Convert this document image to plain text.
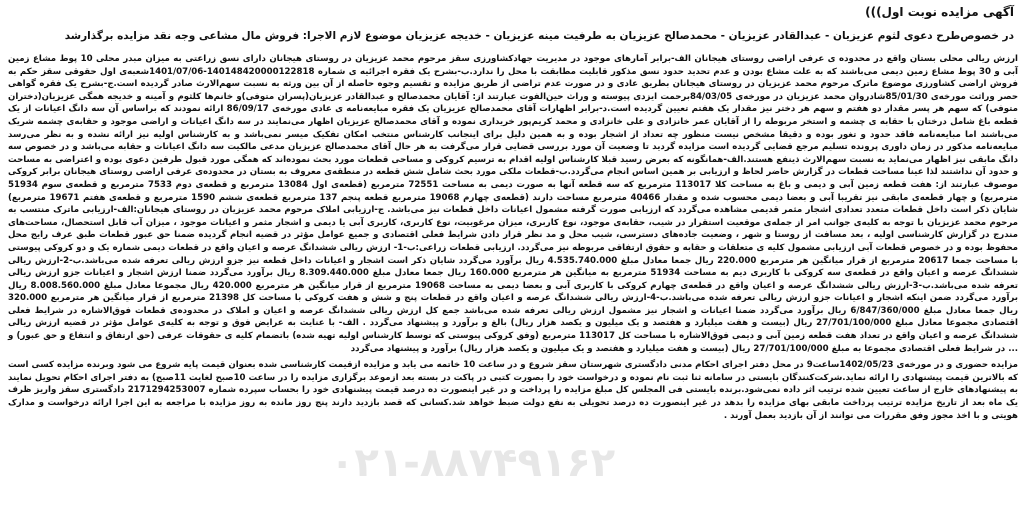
آگهی مزایده نوبت اول)))
در خصوص‌طرح دعوی لثوم عزیزیان - عبدالقادر عزیزیان - محمدصالح عزیزیان به طرفیت مینه عزیزیان - خدیجه عزیزیان موضوع لازم الاجرا: فروش مال مشاعی وجه نقد مزایده برگذارشد

ارزش ریالی محلی بستان واقع در محدوده ی عرفی اراضی روستای هیجانان الف-برابر آمارهای موجود در مدیریت جهادکشاورزی سقز مرحوم محمد عزیزیان در روستای هیجانان دارای نسق زراعتی به میزان مبدر محلی 10 پوط مشاع زمین آبی و 30 پوط مشاع زمین دیمی می‌باشند که به علت مشاع بودن و عدم تحدید حدود نسق مذکور قابلیت مطابقت با محل را ندارد.ب-بشرح یک فقره اجرائیه ی شماره 140148420000122818-1401/07/06شعبه‌ی اول حقوقی سقز حکم به فروش اراضی کشاورزی موضوع ماترک مرحوم محمد عزیزیان در روستای هیجانان بطریق عادی و در صورت عدم تراضی از طریق مزایده و تقسیم وجوه حاصله از آن بین ورثه به نسبت سهم‌الارث صادر گردیده است.ج-بشرح یک فقره گواهی حصر وراثت مورخه‌ی 85/01/30شادروان محمد عزیزیان در مورخه‌ی 84/03/05برحمت ایزدی پیوسته و وراث حین‌الفوت عبارتند از: آقایان محمدصالح و عبدالقادر عزیزیان(پسران متوفی)و خانم‌ها کلثوم و آمینه و خدیجه همگی عزیزیان(دختران متوفی) که سهم هر پسر مقدار دو هفتم و سهم هر دختر نیز مقدار یک هفتم تعیین گردیده است.د-برابر اظهارات آقای محمدصالح عزیزیان یک فقره مبایعه‌نامه ی عادی مورخه‌ی 86/09/17 ارائه نمودند که براساس آن سه دانگ اعیانات از یک قطعه باغ شامل درختان با حقابه ی چشمه و استخر مربوطه را از آقایان عمر خانزادی و علی خانزادی و محمد کریم‌پور خریداری نموده و آقای محمدصالح عزیزیان اظهار می‌نمایند در سه دانگ اعیانات و اراضی موجود و حقابه‌ی چشمه شریک می‌باشند اما مبایعه‌نامه فاقد حدود و تغور بوده و دقیقا مشخص نیست منظور چه تعداد از اشجار بوده و به همین دلیل برای اینجانب کارشناس منتخب امکان تفکیک میسر نمی‌باشد و به کارشناس اولیه نیز ارائه نشده و به نظر می‌رسد مبایعه‌نامه مذکور در زمان داوری پرونده تسلیم مرجع قضایی گردیده است مزایده گردید تا وضعیت آن مورد بررسی قضایی قرار می‌گرفت به هر حال آقای محمدصالح عزیزیان مدعی مالکیت سه دانگ اعیانات و حقابه می‌باشد و در خصوص سه دانگ مابقی نیز اظهار می‌نماید به نسبت سهم‌الارث ذینفع هستند.الف-همانگونه که بعرض رسید قبلا کارشناس اولیه اقدام به ترسیم کروکی و مساحی قطعات مورد بحث نموده‌اند که همگی مورد قبول طرفین دعوی بوده و اعتراضی به مساحت و حدود آن نداشتند لذا عینا مساحت قطعات در گزارش حاضر لحاظ و ارزیابی بر همین اساس انجام می‌گردد.ب-قطعات ملکی مورد بحث شامل شش قطعه در منطقه‌ی معروف به بستان در محدوده‌ی عرفی اراضی روستای هیجانان برابر کروکی موصوف عبارتند از: هفت قطعه زمین آبی و دیمی و باغ به مساحت کلا 113017 مترمربع که سه قطعه آنها به صورت دیمی به مساحت 72551 مترمربع (قطعه‌ی اول 13084 مترمربع و قطعه‌ی دوم 7533 مترمربع و قطعه‌ی سوم 51934 مترمربع) و چهار قطعه‌ی مابقی نیز تقریبا آبی و بعضا دیمی محسوب شده و مقدار 40466 مترمربع مساحت دارند (قطعه‌ی چهارم 19068 مترمربع قطعه پنجم 137 مترمربع قطعه‌ی ششم 1590 مترمربع و قطعه‌ی هفتم 19671 مترمربع) شایان ذکر است داخل قطعات متعدد تعدادی اشجار مثمر قدیمی مشاهده می‌گردد که ارزیابی صورت گرفته مشمول اعیانات داخل قطعات نیز می‌باشد. ج-ارزیابی املاک مرحوم محمد عزیزیان در روستای هیجانان:الف-ارزیابی ماترک منتسب به مرحوم محمد عزیزیان با توجه به کلیه‌ی جوانب امر از جمله‌ی موقعیت استقرار در شیب، حقابه‌ی موجود، نوع کاربری، میزان مرغوبیت، نوع کاربری، کاربری آبی یا دیمی و اشجار مثمر و اعیانات موجود ، میزان آب قابل استحصال، مساحت‌های مندرج در گزارش کارشناسی اولیه ، بعد مسافت از روستا و شهر ، وضعیت جاده‌های دسترسی، شیب محل و مد نظر قرار دادن شرایط فعلی اقتصادی و جمیع عوامل مؤثر در قضیه انجام گردیده ضمنا حق عبور قطعات طبق عرف رایج محل محفوظ بوده و در خصوص قطعات آبی ارزیابی مشمول کلیه ی متعلقات و حقابه و حقوق ارتفاقی مربوطه نیز می‌گردد. ارزیابی قطعات زراعی:ب-1- ارزش ریالی ششدانگ عرصه و اعیان واقع در قطعات دیمی شماره یک و دو کروکی پیوستی با مساحت جمعا 20617 مترمربع از قرار میانگین هر مترمربع 220.000 ریال جمعا معادل مبلغ 4.535.740.000 ریال برآورد می‌گردد شایان ذکر است اشجار و اعیانات داخل قطعه نیز جزو ارزش ریالی تعرفه شده می‌باشد.ب-2-ارزش ریالی ششدانگ عرصه و اعیان واقع در قطعه‌ی سه کروکی با کاربری دیم به مساحت 51934 مترمربع به میانگین هر مترمربع 160.000 ریال جمعا معادل مبلغ 8.309.440.000 ریال برآورد می‌گردد ضمنا ارزش اشجار و اعیانات جزو ارزش ریالی تعرفه شده می‌باشد.ب-3-ارزش ریالی ششدانگ عرصه و اعیان واقع در قطعه‌ی چهارم کروکی با کاربری آبی و بعضا دیمی به مساحت 19068 مترمربع از قرار میانگین هر مترمربع 420.000 ریال مجموعا معادل مبلغ 8.008.560.000 ریال برآورد می‌گردد ضمن اینکه اشجار و اعیانات جزو ارزش ریالی تعرفه شده می‌باشد.ب-4-ارزش ریالی ششدانگ عرصه و اعیان واقع در قطعات پنج و شش و هفت کروکی با مساحت کل 21398 مترمربع از قرار میانگین هر مترمربع 320.000 ریال جمعا معادل مبلغ 6/847/360/000 ریال برآورد می‌گردد ضمنا اعیانات و اشجار نیز مشمول ارزش ریالی تعرفه شده می‌باشد جمع کل ارزش ریالی ششدانگ عرصه و اعیان و املاک در محدوده‌ی قطعات فوق‌الاشاره در شرایط فعلی اقتصادی مجموعا معادل مبلغ 27/701/100/000 ریال (بیست و هفت میلیارد و هفتصد و یک میلیون و یکصد هزار ریال) بالغ و برآورد و پیشنهاد می‌گردد . الف- با عنایت به عرایض فوق و توجه به کلیه‌ی عوامل مؤثر در قضیه ارزش ریالی ششدانگ عرصه و اعیان واقع در تعداد هفت قطعه زمین آبی و دیمی فوق‌الاشاره با مساحت کل 113017 مترمربع (وفق کروکی پیوستی که توسط کارشناس اولیه تهیه شده) باتضمام کلیه ی حقوقات عرفی (حق ارتفاق و انتفاع و حق عبور) و ... در شرایط فعلی اقتصادی مجموعا به مبلغ 27/701/100/000 ریال (بیست و هفت میلیارد و هفتصد و یک میلیون و یکصد هزار ریال) برآورد و پیشنهاد می‌گردد

مزایده حضوری و در مورخه‌ی 1402/05/23ساعت9 در محل دفتر اجرای احکام مدنی دادگستری شهرستان سقز شروع و در ساعت 10 خاتمه می یابد و مزایده ازقیمت کارشناسی شده بعنوان قیمت پایه شروع می شود وبرنده مزایده کسی است که بالاترین قیمت پیشنهادی را ارائه نماید.شرکت‌کنندگان بایستی در سامانه ثنا ثبت نام نموده و درخواست خود را بصورت کتبی در پاکت در بسته بعد ازموعد برگزاری مزایده را در ساعت 10صبح لغایت 11صبح) به دفتر اجرای احکام تحویل نمایند به پیشنهادهای خارج از ساعت تعیین شده ترتیب اثر داده نمی‌شود.برنده بایستی فی المجلس کل مبلغ مزایده را پرداخت و در غیر اینصورت ده درصد قیمت پیشنهادی خود را بحساب سپرده شماره 2171294253007 دادگستری سقز واریز ظرف یک ماه بعد از تاریخ مزایده ترتیب پرداخت مابقی بهای مزایده را بدهد در غیر اینصورت ده درصد تحویلی به نفع دولت ضبط خواهد شد.کسانی که قصد بازدید دارند پنج روز مانده به روز مزایده با مراجعه به این اجرا ارائه درخواست و مدارک هویتی و با اخذ مجوز وفق مقررات می توانند از آن بازدید بعمل آورند .

۰۲۱-۸۸۷۴۹۱۶۲
